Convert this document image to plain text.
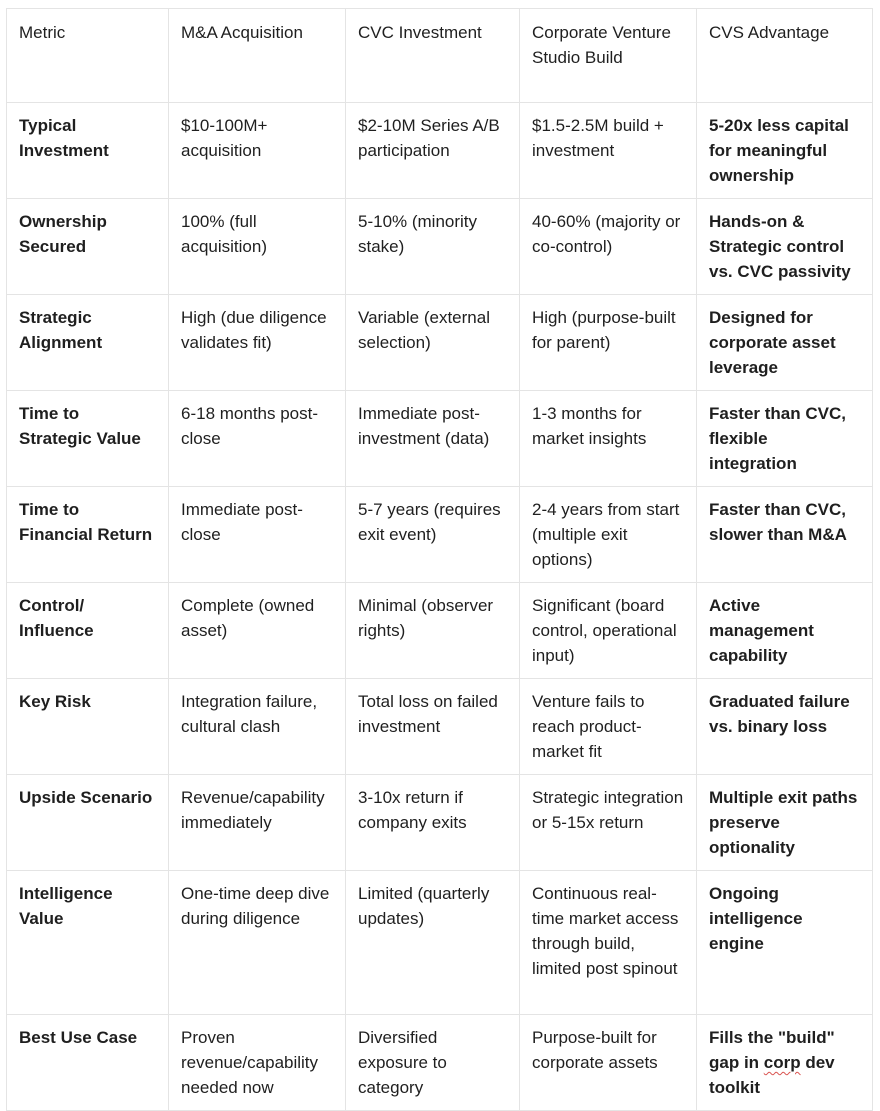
Metric	M&A Acquisition	CVC Investment	Corporate Venture Studio Build	CVS Advantage
Typical Investment	$10-100M+ acquisition	$2-10M Series A/B participation	$1.5-2.5M build + investment	5-20x less capital for meaningful ownership
Ownership Secured	100% (full acquisition)	5-10% (minority stake)	40-60% (majority or co-control)	Hands-on & Strategic control vs. CVC passivity
Strategic Alignment	High (due diligence validates fit)	Variable (external selection)	High (purpose-built for parent)	Designed for corporate asset leverage
Time to Strategic Value	6-18 months post-close	Immediate post-investment (data)	1-3 months for market insights	Faster than CVC, flexible integration
Time to Financial Return	Immediate post-close	5-7 years (requires exit event)	2-4 years from start (multiple exit options)	Faster than CVC, slower than M&A
Control/ Influence	Complete (owned asset)	Minimal (observer rights)	Significant (board control, operational input)	Active management capability
Key Risk	Integration failure, cultural clash	Total loss on failed investment	Venture fails to reach product-market fit	Graduated failure vs. binary loss
Upside Scenario	Revenue/capability immediately	3-10x return if company exits	Strategic integration or 5-15x return	Multiple exit paths preserve optionality
Intelligence Value	One-time deep dive during diligence	Limited (quarterly updates)	Continuous real-time market access through build, limited post spinout	Ongoing intelligence engine
Best Use Case	Proven revenue/capability needed now	Diversified exposure to category	Purpose-built for corporate assets	Fills the "build" gap in corp dev toolkit
